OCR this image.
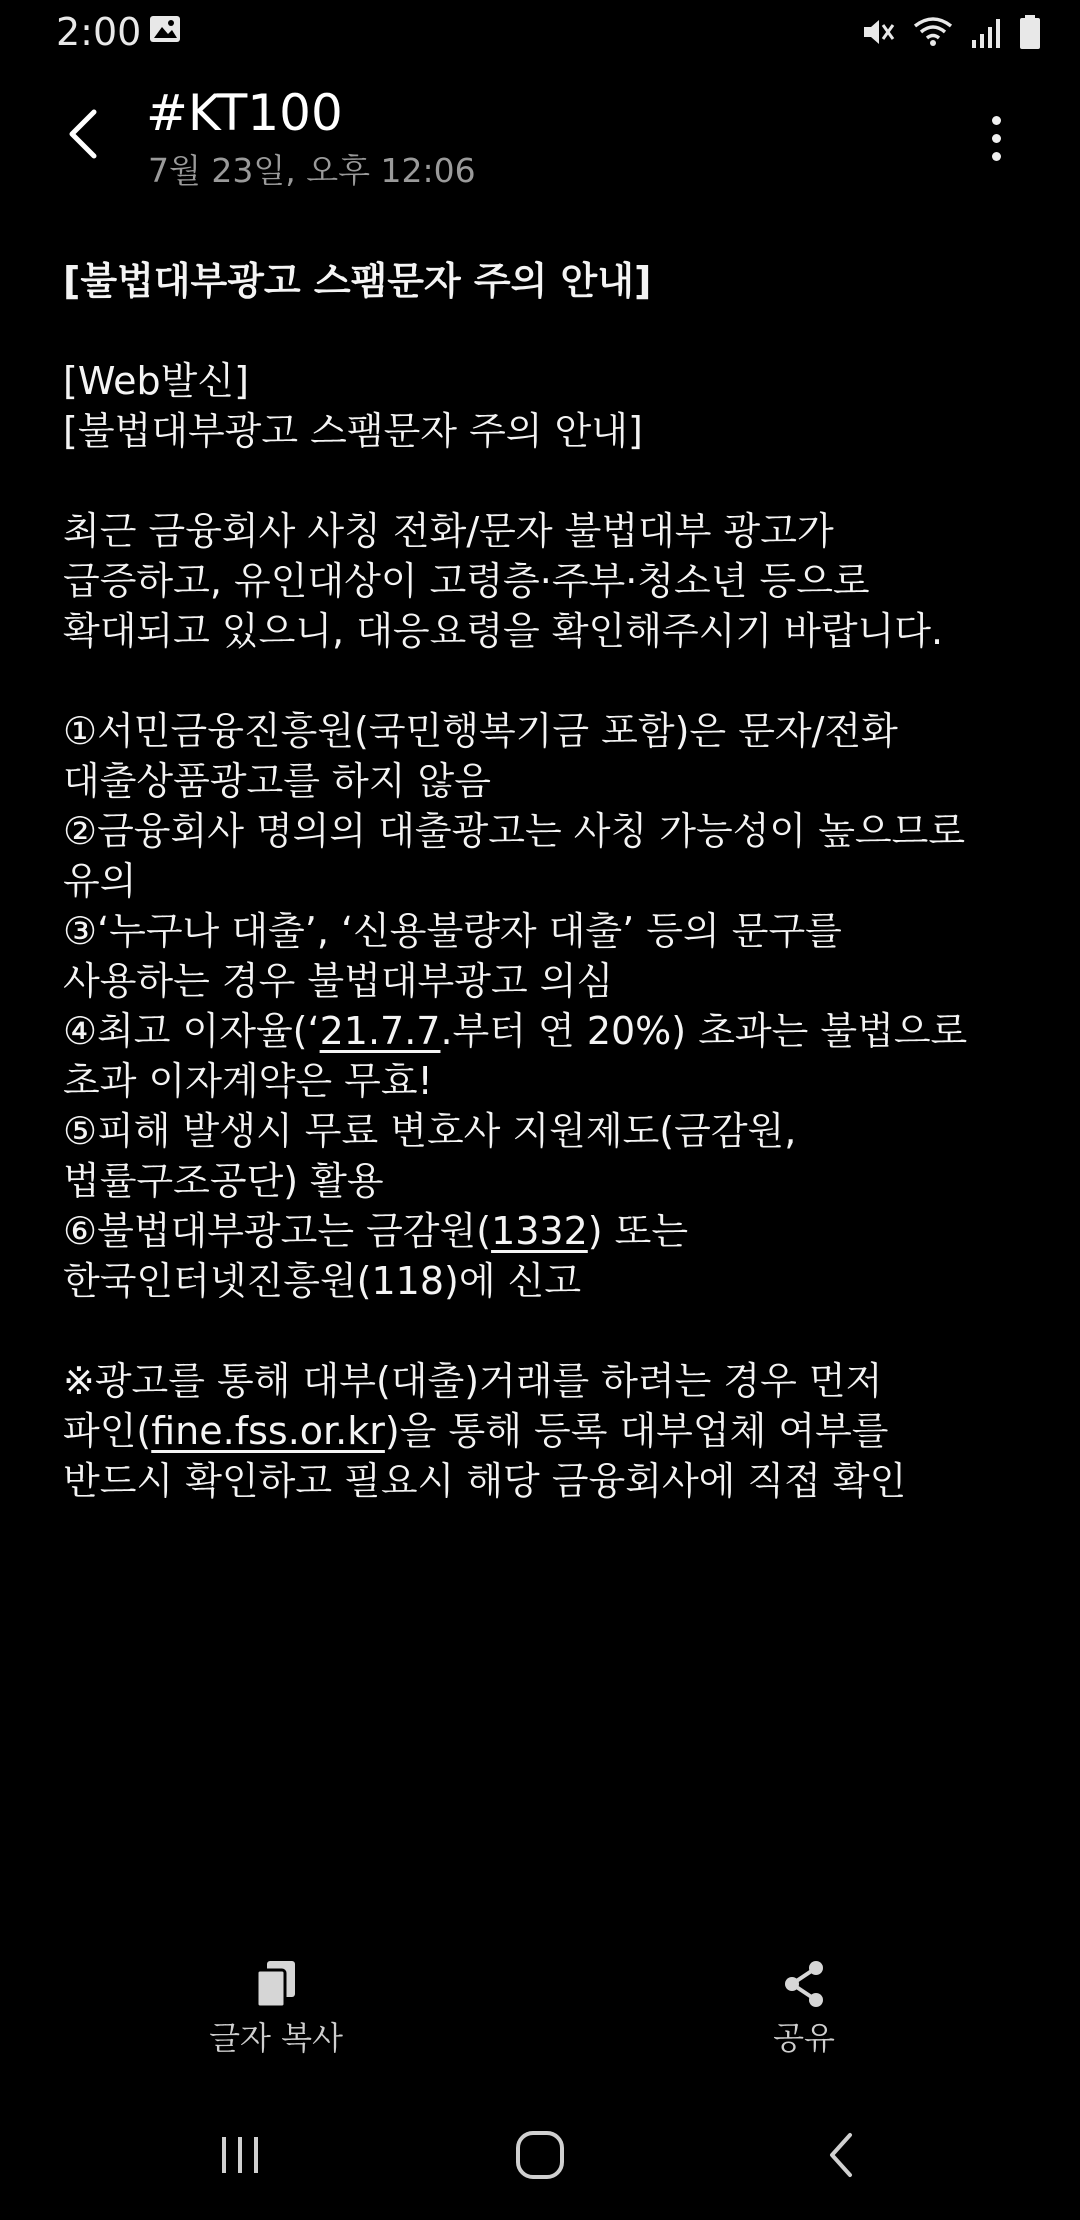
2:00
#KT100
7월 23일, 오후 12:06
[불법대부광고 스팸문자 주의 안내]
[Web발신]
[불법대부광고 스팸문자 주의 안내]
최근 금융회사 사칭 전화/문자 불법대부 광고가
급증하고, 유인대상이 고령층·주부·청소년 등으로
확대되고 있으니, 대응요령을 확인해주시기 바랍니다.
①서민금융진흥원(국민행복기금 포함)은 문자/전화
대출상품광고를 하지 않음
②금융회사 명의의 대출광고는 사칭 가능성이 높으므로
유의
③‘누구나 대출’, ‘신용불량자 대출’ 등의 문구를
사용하는 경우 불법대부광고 의심
④최고 이자율(‘21.7.7.부터 연 20%) 초과는 불법으로
초과 이자계약은 무효!
⑤피해 발생시 무료 변호사 지원제도(금감원,
법률구조공단) 활용
⑥불법대부광고는 금감원(1332) 또는
한국인터넷진흥원(118)에 신고
※광고를 통해 대부(대출)거래를 하려는 경우 먼저
파인(fine.fss.or.kr)을 통해 등록 대부업체 여부를
반드시 확인하고 필요시 해당 금융회사에 직접 확인
글자 복사	공유
